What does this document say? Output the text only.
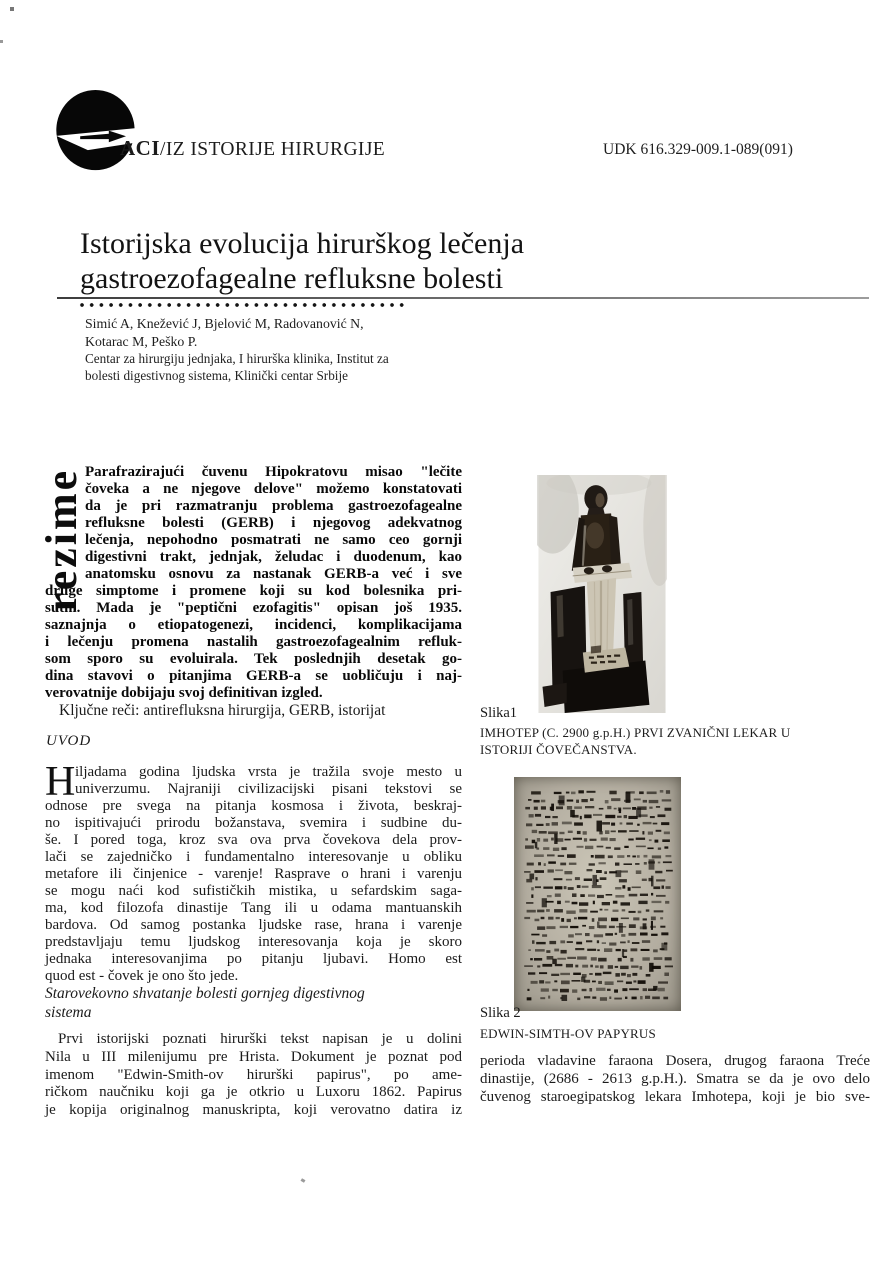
ACI/IZ ISTORIJE HIRURGIJE	UDK 616.329-009.1-089(091)
Istorijska evolucija hirurškog lečenja
gastroezofagealne refluksne bolesti
Simić A, Knežević J, Bjelović M, Radovanović N,
Kotarac M, Peško P.
Centar za hirurgiju jednjaka, I hirurška klinika, Institut za
bolesti digestivnog sistema, Klinički centar Srbije
rezime Parafrazirajući čuvenu Hipokratovu misao "lečite
čoveka a ne njegove delove" možemo konstatovati
da je pri razmatranju problema gastroezofagealne
refluksne bolesti (GERB) i njegovog adekvatnog
lečenja, nepohodno posmatrati ne samo ceo gornji
digestivni trakt, jednjak, želudac i duodenum, kao
anatomsku osnovu za nastanak GERB-a već i sve
druge simptome i promene koji su kod bolesnika pri-
sutni. Mada je "peptični ezofagitis" opisan još 1935.
saznajnja o etiopatogenezi, incidenci, komplikacijama
i lečenju promena nastalih gastroezofagealnim refluk-
som sporo su evoluirala. Tek poslednjih desetak go-
dina stavovi o pitanjima GERB-a se uobličuju i naj-
verovatnije dobijaju svoj definitivan izgled.
Ključne reči: antirefluksna hirurgija, GERB, istorijat
UVOD
H iljadama godina ljudska vrsta je tražila svoje mesto u
univerzumu. Najraniji civilizacijski pisani tekstovi se
odnose pre svega na pitanja kosmosa i života, beskraj-
no ispitivajući prirodu božanstava, svemira i sudbine du-
še. I pored toga, kroz sva ova prva čovekova dela prov-
lači se zajedničko i fundamentalno interesovanje u obliku
metafore ili činjenice - varenje! Rasprave o hrani i varenju
se mogu naći kod sufističkih mistika, u sefardskim saga-
ma, kod filozofa dinastije Tang ili u odama mantuanskih
bardova. Od samog postanka ljudske rase, hrana i varenje
predstavljaju temu ljudskog interesovanja koja je skoro
jednaka interesovanjima po pitanju ljubavi. Homo est
quod est - čovek je ono što jede.
Starovekovno shvatanje bolesti gornjeg digestivnog
sistema
Prvi istorijski poznati hirurški tekst napisan je u dolini
Nila u III milenijumu pre Hrista. Dokument je poznat pod
imenom "Edwin-Smith-ov hirurški papirus", po ame-
ričkom naučniku koji ga je otkrio u Luxoru 1862. Papirus
je kopija originalnog manuskripta, koji verovatno datira iz
Slika1
IMHOTEP (C. 2900 g.p.H.) PRVI ZVANIČNI LEKAR U
ISTORIJI ČOVEČANSTVA.
Slika 2
EDWIN-SIMTH-OV PAPYRUS
perioda vladavine faraona Dosera, drugog faraona Treće
dinastije, (2686 - 2613 g.p.H.). Smatra se da je ovo delo
čuvenog staroegipatskog lekara Imhotepa, koji je bio sve-
